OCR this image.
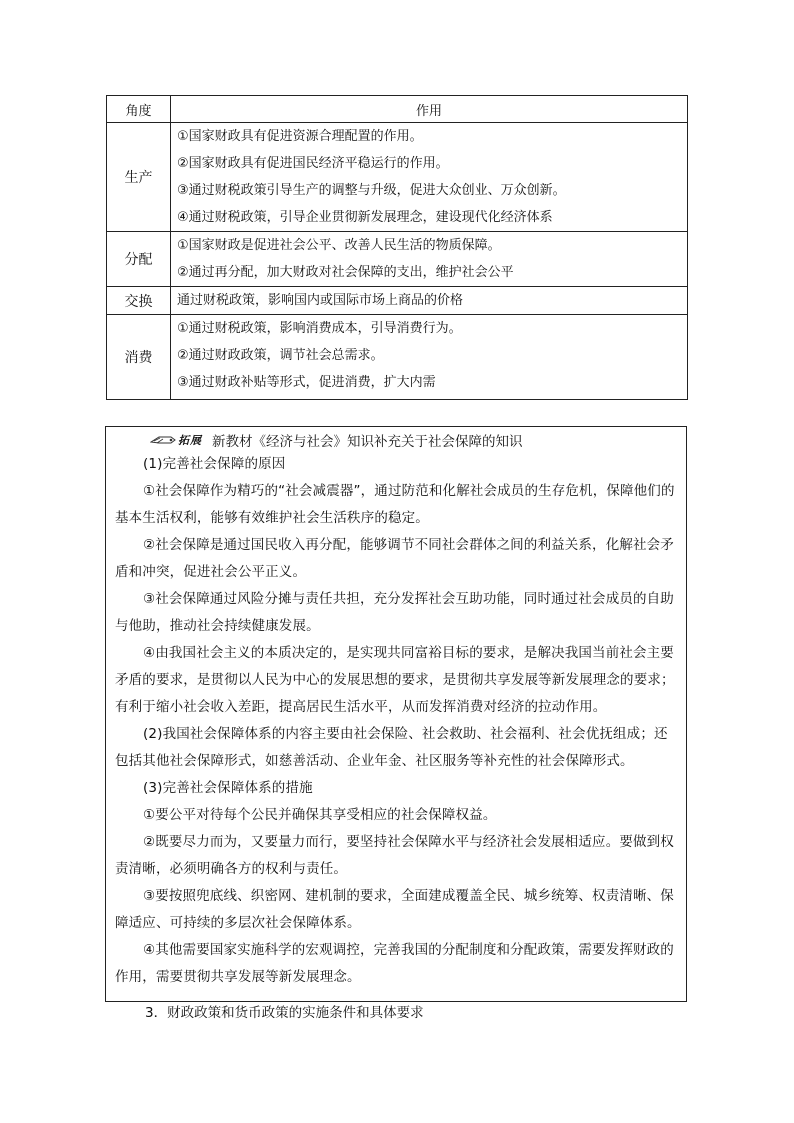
角度	作用
生产	①国家财政具有促进资源合理配置的作用。
②国家财政具有促进国民经济平稳运行的作用。
③通过财税政策引导生产的调整与升级，促进大众创业、万众创新。
④通过财税政策，引导企业贯彻新发展理念，建设现代化经济体系

分配	①国家财政是促进社会公平、改善人民生活的物质保障。
②通过再分配，加大财政对社会保障的支出，维护社会公平

交换	通过财税政策，影响国内或国际市场上商品的价格

消费	①通过财税政策，影响消费成本，引导消费行为。
②通过财政政策，调节社会总需求。
③通过财政补贴等形式，促进消费，扩大内需
拓展 新教材《经济与社会》知识补充关于社会保障的知识

(1)完善社会保障的原因

①社会保障作为精巧的“社会减震器”，通过防范和化解社会成员的生存危机，保障他们的基本生活权利，能够有效维护社会生活秩序的稳定。

②社会保障是通过国民收入再分配，能够调节不同社会群体之间的利益关系，化解社会矛盾和冲突，促进社会公平正义。

③社会保障通过风险分摊与责任共担，充分发挥社会互助功能，同时通过社会成员的自助与他助，推动社会持续健康发展。

④由我国社会主义的本质决定的，是实现共同富裕目标的要求，是解决我国当前社会主要矛盾的要求，是贯彻以人民为中心的发展思想的要求，是贯彻共享发展等新发展理念的要求；有利于缩小社会收入差距，提高居民生活水平，从而发挥消费对经济的拉动作用。

(2)我国社会保障体系的内容主要由社会保险、社会救助、社会福利、社会优抚组成；还包括其他社会保障形式，如慈善活动、企业年金、社区服务等补充性的社会保障形式。

(3)完善社会保障体系的措施

①要公平对待每个公民并确保其享受相应的社会保障权益。

②既要尽力而为，又要量力而行，要坚持社会保障水平与经济社会发展相适应。要做到权责清晰，必须明确各方的权利与责任。

③要按照兜底线、织密网、建机制的要求，全面建成覆盖全民、城乡统筹、权责清晰、保障适应、可持续的多层次社会保障体系。

④其他需要国家实施科学的宏观调控，完善我国的分配制度和分配政策，需要发挥财政的作用，需要贯彻共享发展等新发展理念。

3．财政政策和货币政策的实施条件和具体要求
